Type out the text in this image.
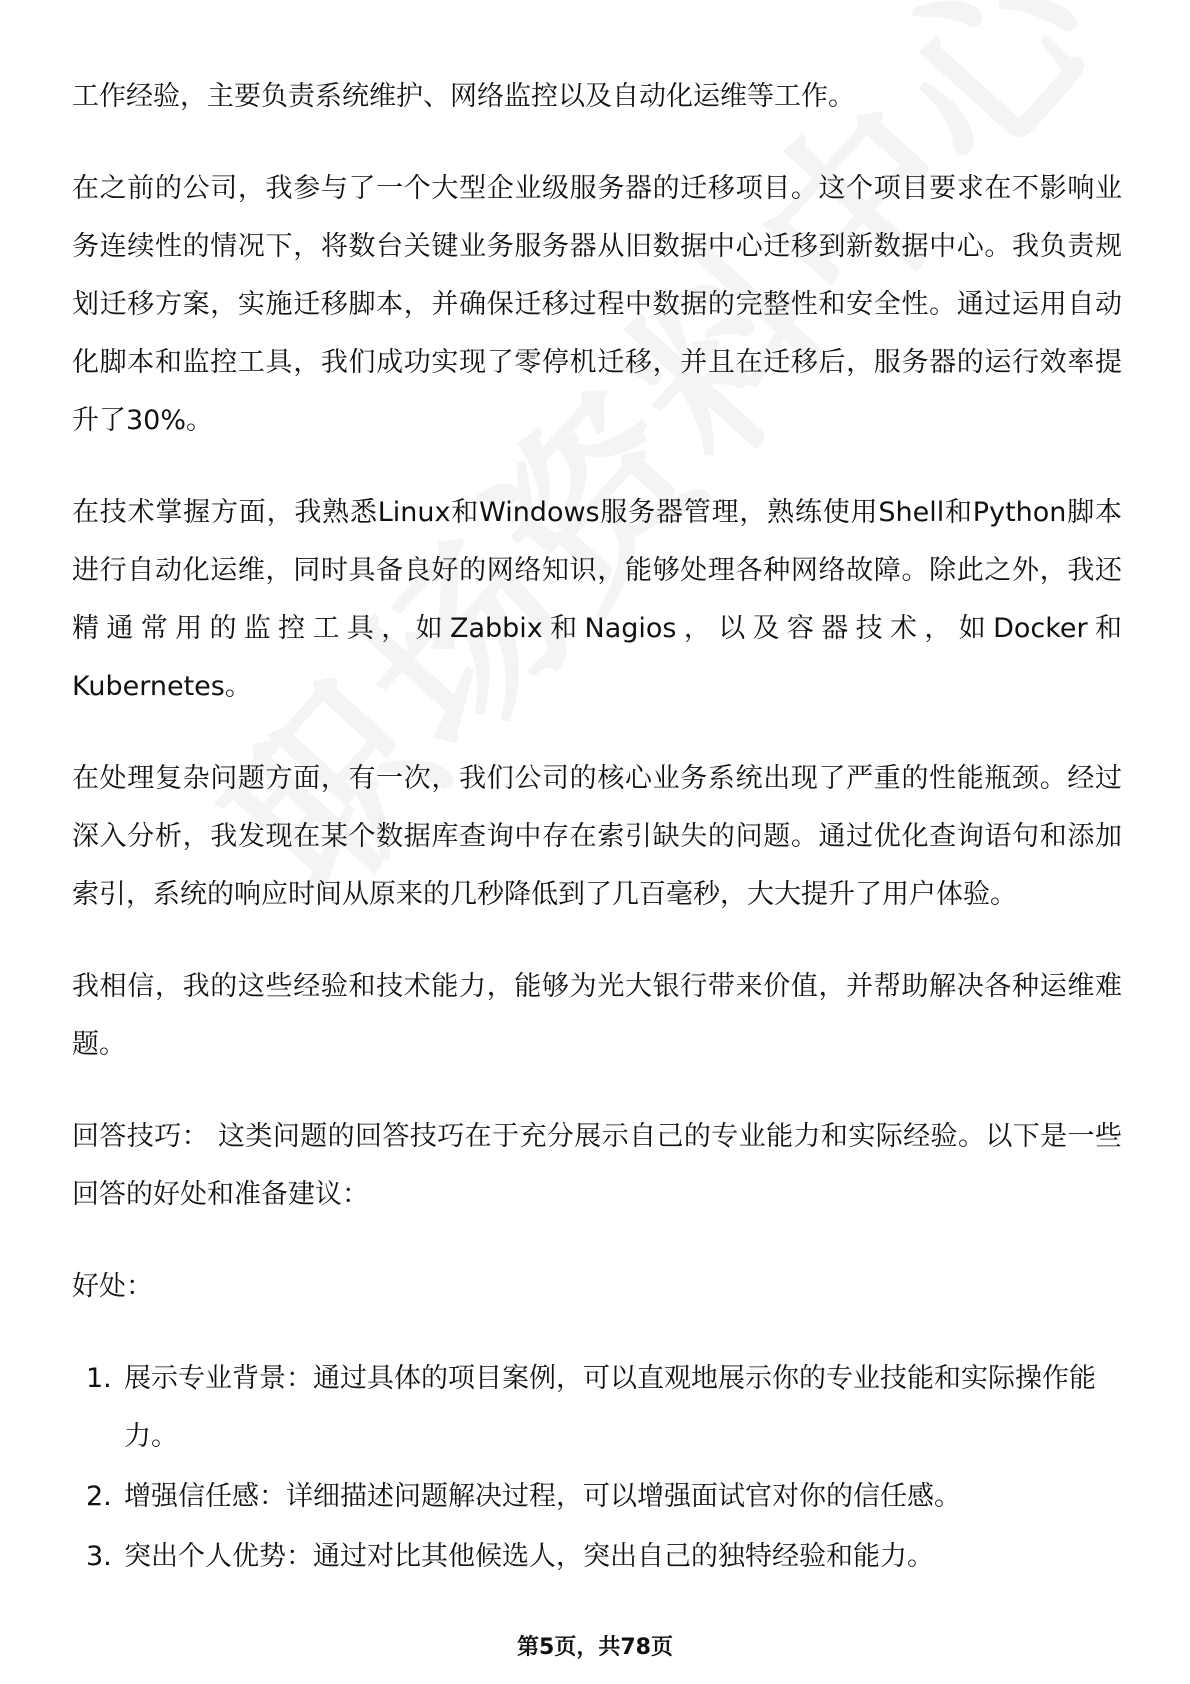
工作经验，主要负责系统维护、网络监控以及自动化运维等工作。

在之前的公司，我参与了一个大型企业级服务器的迁移项目。这个项目要求在不影响业务连续性的情况下，将数台关键业务服务器从旧数据中心迁移到新数据中心。我负责规划迁移方案，实施迁移脚本，并确保迁移过程中数据的完整性和安全性。通过运用自动化脚本和监控工具，我们成功实现了零停机迁移，并且在迁移后，服务器的运行效率提升了30%。

在技术掌握方面，我熟悉Linux和Windows服务器管理，熟练使用Shell和Python脚本进行自动化运维，同时具备良好的网络知识，能够处理各种网络故障。除此之外，我还精通常用的监控工具，如Zabbix和Nagios，以及容器技术，如Docker和Kubernetes。

在处理复杂问题方面，有一次，我们公司的核心业务系统出现了严重的性能瓶颈。经过深入分析，我发现在某个数据库查询中存在索引缺失的问题。通过优化查询语句和添加索引，系统的响应时间从原来的几秒降低到了几百毫秒，大大提升了用户体验。

我相信，我的这些经验和技术能力，能够为光大银行带来价值，并帮助解决各种运维难题。

回答技巧： 这类问题的回答技巧在于充分展示自己的专业能力和实际经验。以下是一些回答的好处和准备建议：

好处：

1. 展示专业背景：通过具体的项目案例，可以直观地展示你的专业技能和实际操作能力。
2. 增强信任感：详细描述问题解决过程，可以增强面试官对你的信任感。
3. 突出个人优势：通过对比其他候选人，突出自己的独特经验和能力。
第5页，共78页
